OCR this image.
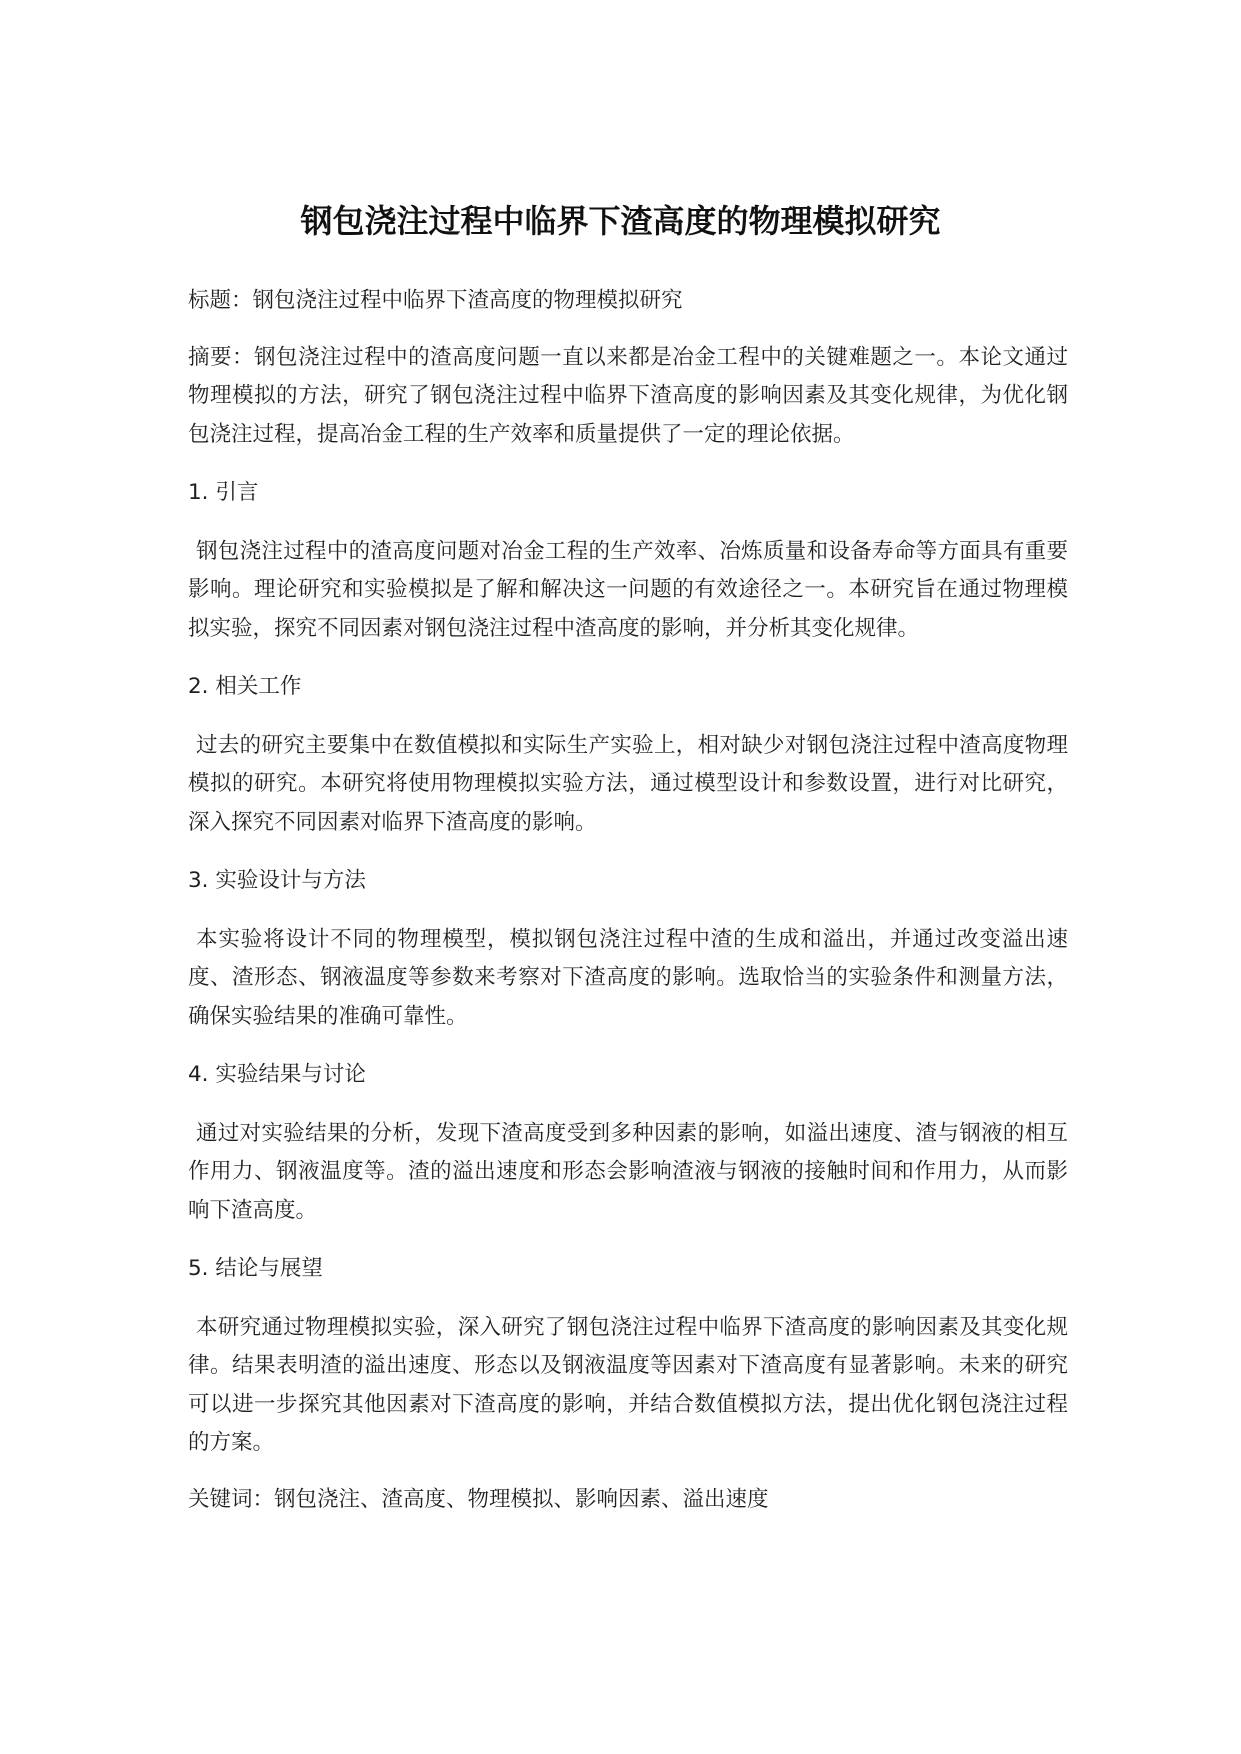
钢包浇注过程中临界下渣高度的物理模拟研究

标题：钢包浇注过程中临界下渣高度的物理模拟研究

摘要：钢包浇注过程中的渣高度问题一直以来都是冶金工程中的关键难题之一。本论文通过物理模拟的方法，研究了钢包浇注过程中临界下渣高度的影响因素及其变化规律，为优化钢包浇注过程，提高冶金工程的生产效率和质量提供了一定的理论依据。

1. 引言

钢包浇注过程中的渣高度问题对冶金工程的生产效率、冶炼质量和设备寿命等方面具有重要影响。理论研究和实验模拟是了解和解决这一问题的有效途径之一。本研究旨在通过物理模拟实验，探究不同因素对钢包浇注过程中渣高度的影响，并分析其变化规律。

2. 相关工作

过去的研究主要集中在数值模拟和实际生产实验上，相对缺少对钢包浇注过程中渣高度物理模拟的研究。本研究将使用物理模拟实验方法，通过模型设计和参数设置，进行对比研究，深入探究不同因素对临界下渣高度的影响。

3. 实验设计与方法

本实验将设计不同的物理模型，模拟钢包浇注过程中渣的生成和溢出，并通过改变溢出速度、渣形态、钢液温度等参数来考察对下渣高度的影响。选取恰当的实验条件和测量方法，确保实验结果的准确可靠性。

4. 实验结果与讨论

通过对实验结果的分析，发现下渣高度受到多种因素的影响，如溢出速度、渣与钢液的相互作用力、钢液温度等。渣的溢出速度和形态会影响渣液与钢液的接触时间和作用力，从而影响下渣高度。

5. 结论与展望

本研究通过物理模拟实验，深入研究了钢包浇注过程中临界下渣高度的影响因素及其变化规律。结果表明渣的溢出速度、形态以及钢液温度等因素对下渣高度有显著影响。未来的研究可以进一步探究其他因素对下渣高度的影响，并结合数值模拟方法，提出优化钢包浇注过程的方案。

关键词：钢包浇注、渣高度、物理模拟、影响因素、溢出速度
